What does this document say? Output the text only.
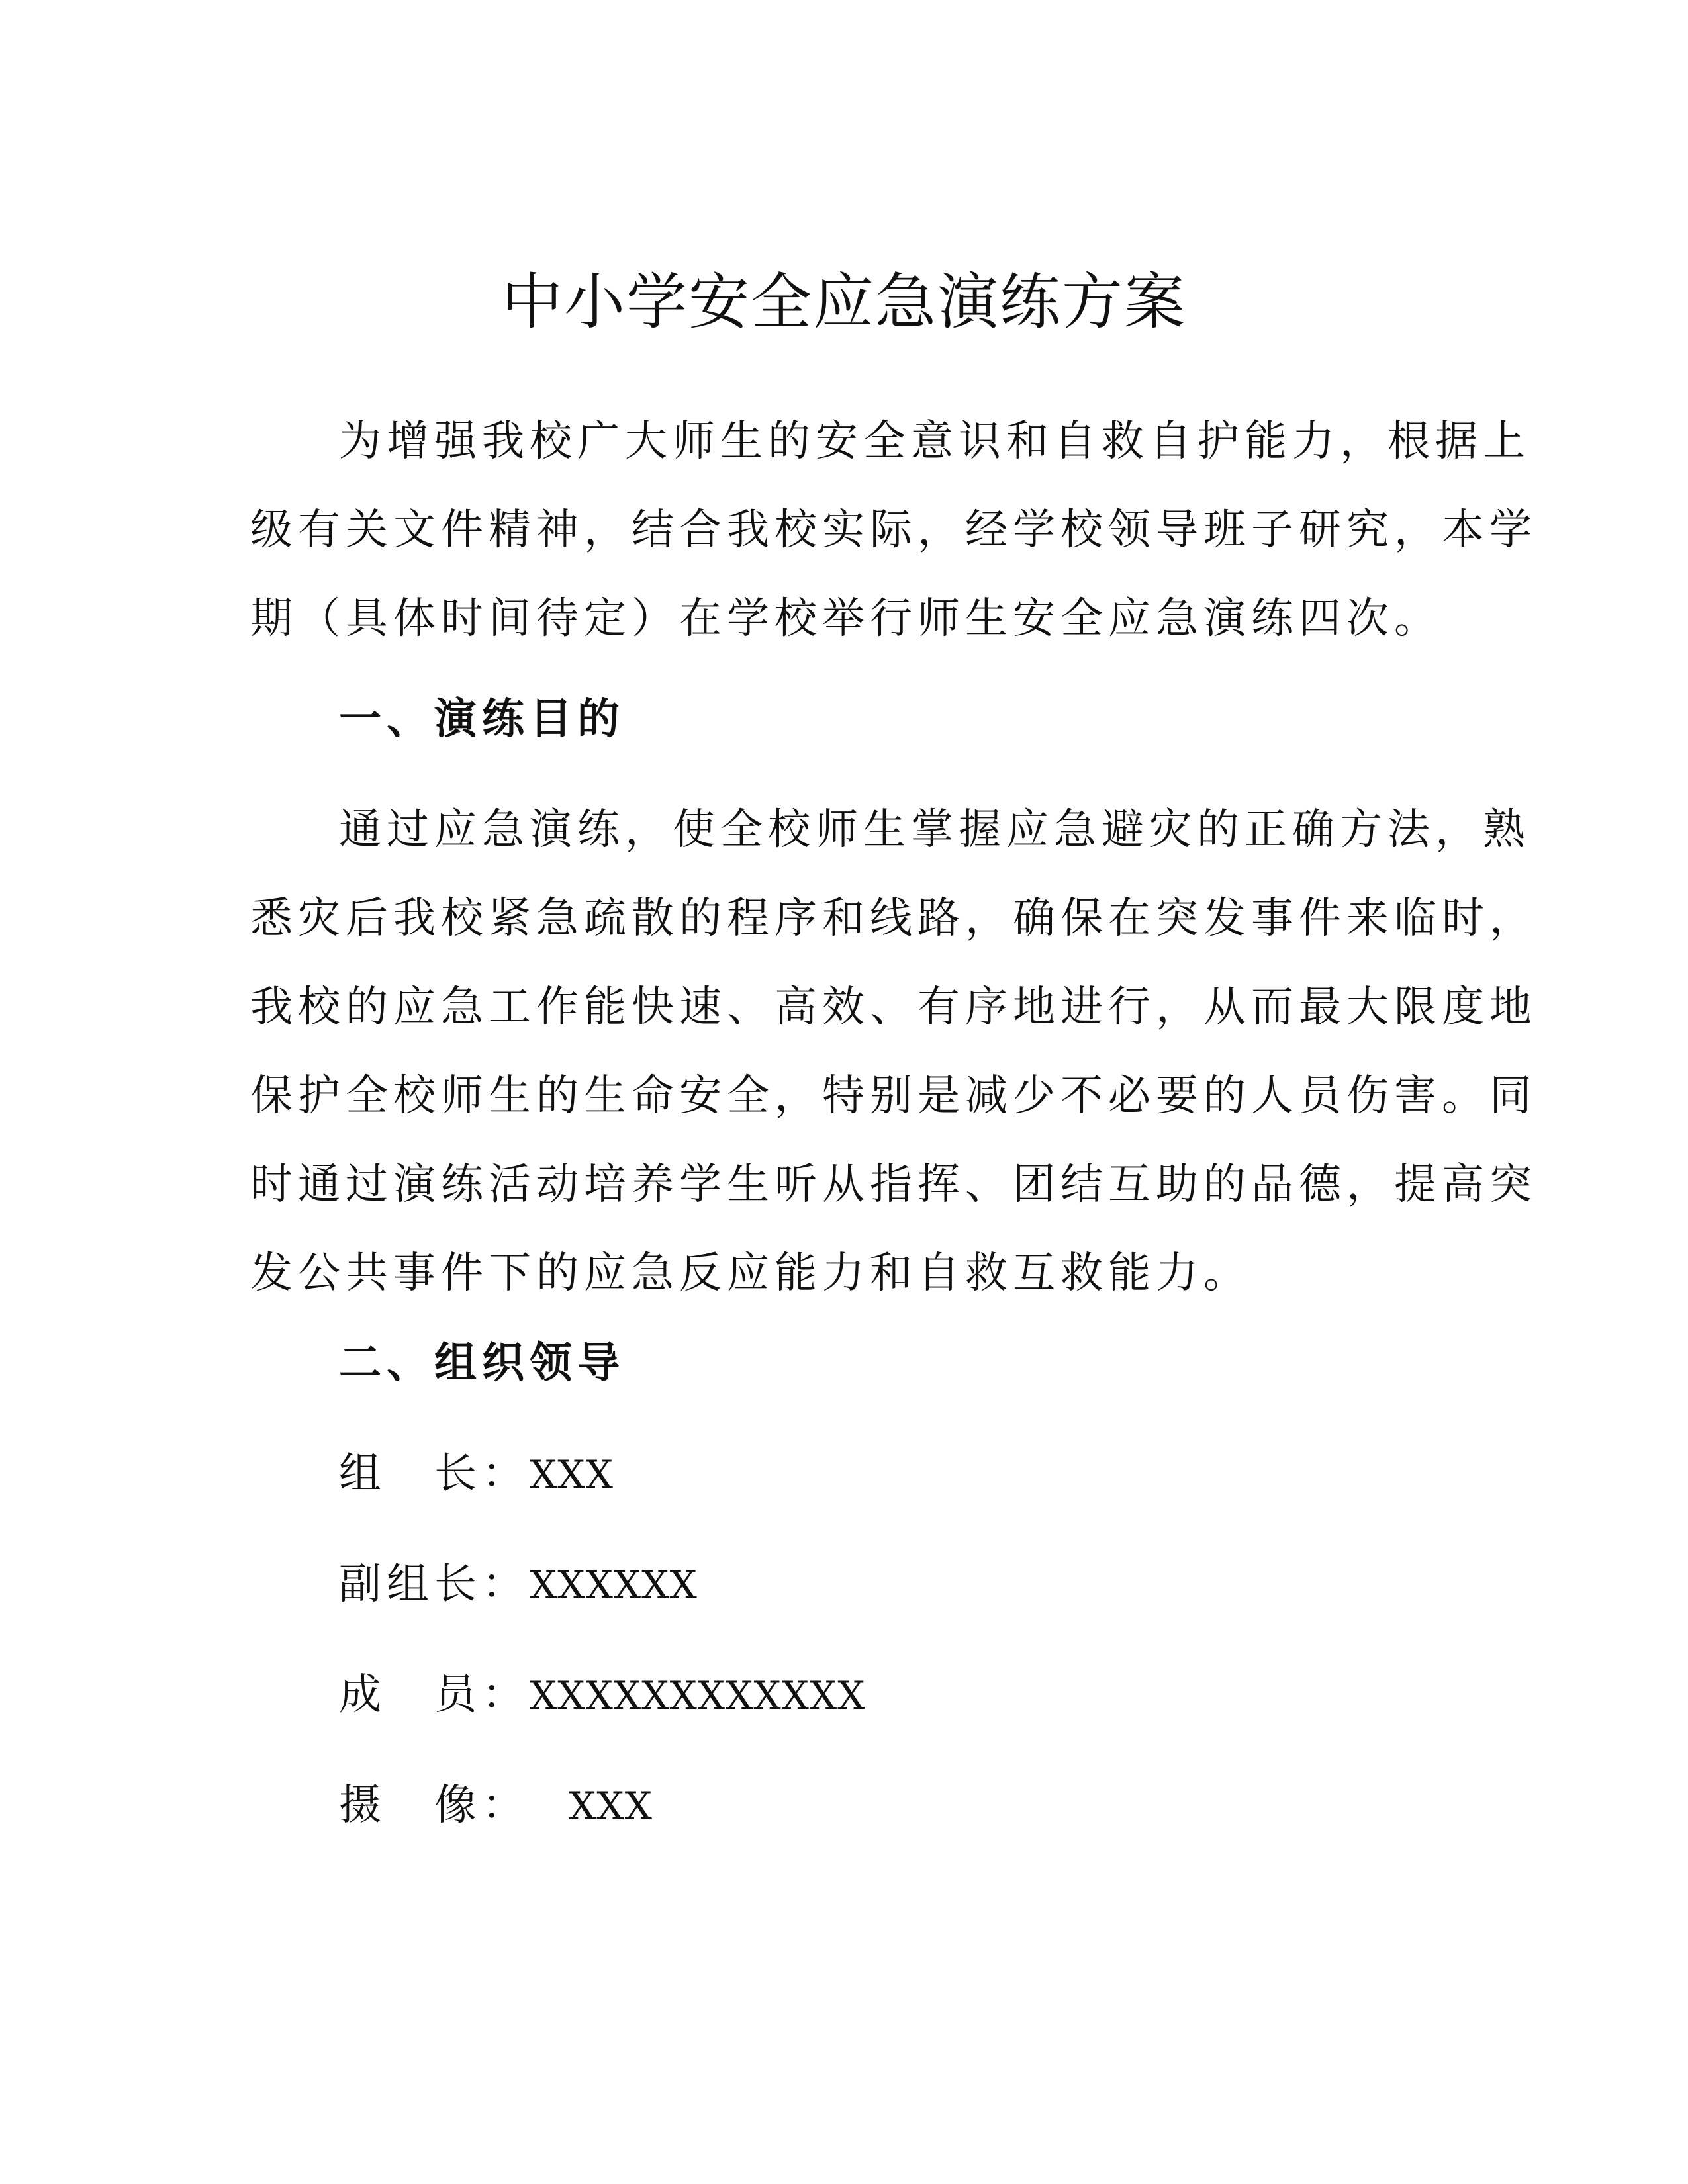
中小学安全应急演练方案

为增强我校广大师生的安全意识和自救自护能力，根据上
级有关文件精神，结合我校实际，经学校领导班子研究，本学
期（具体时间待定）在学校举行师生安全应急演练四次。

一、演练目的

通过应急演练，使全校师生掌握应急避灾的正确方法，熟
悉灾后我校紧急疏散的程序和线路，确保在突发事件来临时，
我校的应急工作能快速、高效、有序地进行，从而最大限度地
保护全校师生的生命安全，特别是减少不必要的人员伤害。同
时通过演练活动培养学生听从指挥、团结互助的品德，提高突
发公共事件下的应急反应能力和自救互救能力。

二、组织领导
组　长：XXX
副组长：XXXXXX
成　员：XXXXXXXXXXXX
摄　像：　XXX
